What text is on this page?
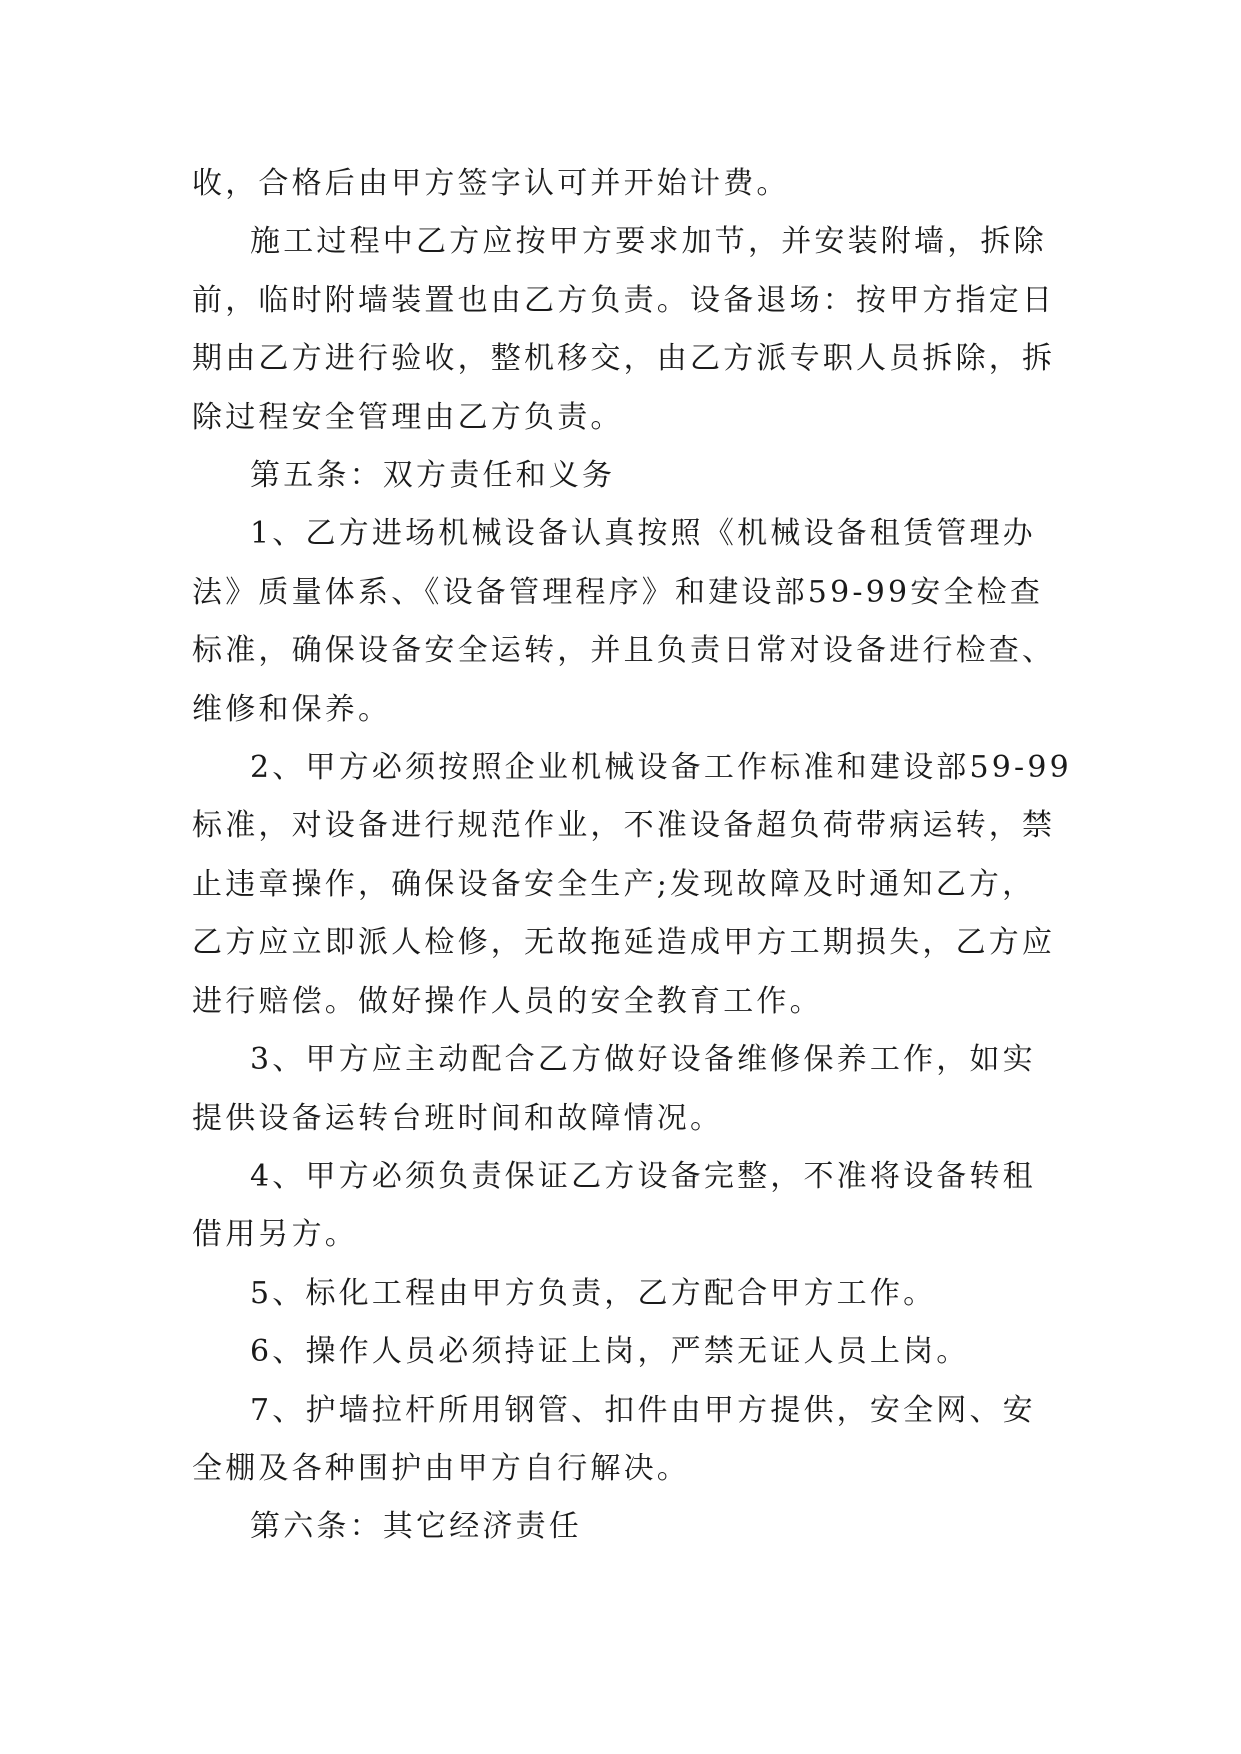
收，合格后由甲方签字认可并开始计费。
施工过程中乙方应按甲方要求加节，并安装附墙，拆除
前，临时附墙装置也由乙方负责。设备退场：按甲方指定日
期由乙方进行验收，整机移交，由乙方派专职人员拆除，拆
除过程安全管理由乙方负责。
第五条：双方责任和义务
1、乙方进场机械设备认真按照《机械设备租赁管理办
法》质量体系、《设备管理程序》和建设部59-99安全检查
标准，确保设备安全运转，并且负责日常对设备进行检查、
维修和保养。
2、甲方必须按照企业机械设备工作标准和建设部59-99
标准，对设备进行规范作业，不准设备超负荷带病运转，禁
止违章操作，确保设备安全生产;发现故障及时通知乙方，
乙方应立即派人检修，无故拖延造成甲方工期损失，乙方应
进行赔偿。做好操作人员的安全教育工作。
3、甲方应主动配合乙方做好设备维修保养工作，如实
提供设备运转台班时间和故障情况。
4、甲方必须负责保证乙方设备完整，不准将设备转租
借用另方。
5、标化工程由甲方负责，乙方配合甲方工作。
6、操作人员必须持证上岗，严禁无证人员上岗。
7、护墙拉杆所用钢管、扣件由甲方提供，安全网、安
全棚及各种围护由甲方自行解决。
第六条：其它经济责任
